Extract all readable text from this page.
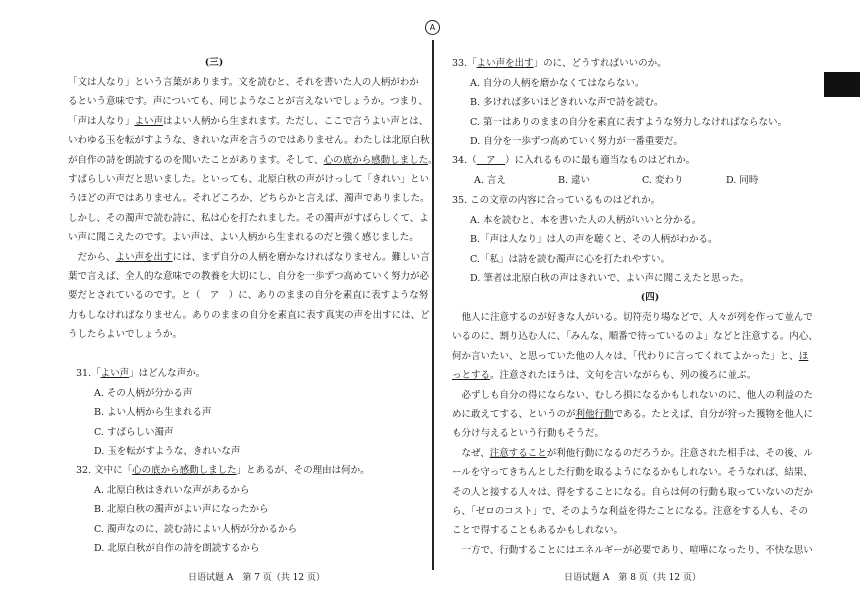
A

(三)

「文は人なり」という言葉があります。文を読むと、それを書いた人の人柄がわか

るという意味です。声についても、同じようなことが言えないでしょうか。つまり、

「声は人なり」よい声はよい人柄から生まれます。ただし、ここで言うよい声とは、

いわゆる玉を転がすような、きれいな声を言うのではありません。わたしは北原白秋

が自作の詩を朗読するのを聞いたことがあります。そして、心の底から感動しました。

すばらしい声だと思いました。といっても、北原白秋の声がけっして「きれい」とい

うほどの声ではありません。それどころか、どちらかと言えば、濁声でありました。

しかし、その濁声で読む詩に、私は心を打たれました。その濁声がすばらしくて、よ

い声に聞こえたのです。よい声は、よい人柄から生まれるのだと強く感じました。

　だから、よい声を出すには、まず自分の人柄を磨かなければなりません。難しい言

葉で言えば、全人的な意味での教養を大切にし、自分を一歩ずつ高めていく努力が必

要だとされているのです。と（　ア　）に、ありのままの自分を素直に表すような努

力もしなければなりません。ありのままの自分を素直に表す真実の声を出すには、ど

うしたらよいでしょうか。

31.「よい声」はどんな声か。

A. その人柄が分かる声
B. よい人柄から生まれる声
C. すばらしい濁声
D. 玉を転がすような、きれいな声

32. 文中に「心の底から感動しました」とあるが、その理由は何か。

A. 北原白秋はきれいな声があるから
B. 北原白秋の濁声がよい声になったから
C. 濁声なのに、読む詩によい人柄が分かるから
D. 北原白秋が自作の詩を朗読するから
日语试题 A　第 7 页（共 12 页）

33.「よい声を出す」のに、どうすればいいのか。

A. 自分の人柄を磨かなくてはならない。
B. 多ければ多いほどきれいな声で詩を読む。
C. 第一はありのままの自分を素直に表すような努力しなければならない。
D. 自分を一歩ずつ高めていく努力が一番重要だ。

34.（　ア　）に入れるものに最も適当なものはどれか。

A. 言え	B. 違い	C. 変わり	D. 同時

35. この文章の内容に合っているものはどれか。

A. 本を読むと、本を書いた人の人柄がいいと分かる。
B.「声は人なり」は人の声を聴くと、その人柄がわかる。
C.「私」は詩を読む濁声に心を打たれやすい。
D. 筆者は北原白秋の声はきれいで、よい声に聞こえたと思った。

(四)

　他人に注意するのが好きな人がいる。切符売り場などで、人々が列を作って並んで

いるのに、割り込む人に、「みんな、順番で待っているのよ」などと注意する。内心、

何か言いたい、と思っていた他の人々は、「代わりに言ってくれてよかった」と、ほ

っとする。注意されたほうは、文句を言いながらも、列の後ろに並ぶ。

　必ずしも自分の得にならない、むしろ損になるかもしれないのに、他人の利益のた

めに敢えてする、というのが利他行動である。たとえば、自分が狩った獲物を他人に

も分け与えるという行動もそうだ。

　なぜ、注意することが利他行動になるのだろうか。注意された相手は、その後、ル

ールを守ってきちんとした行動を取るようになるかもしれない。そうなれば、結果、

その人と接する人々は、得をすることになる。自らは何の行動も取っていないのだか

ら、「ゼロのコスト」で、そのような利益を得たことになる。注意をする人も、その

ことで得することもあるかもしれない。

　一方で、行動することにはエネルギーが必要であり、喧嘩になったり、不快な思い

日语试题 A　第 8 页（共 12 页）
